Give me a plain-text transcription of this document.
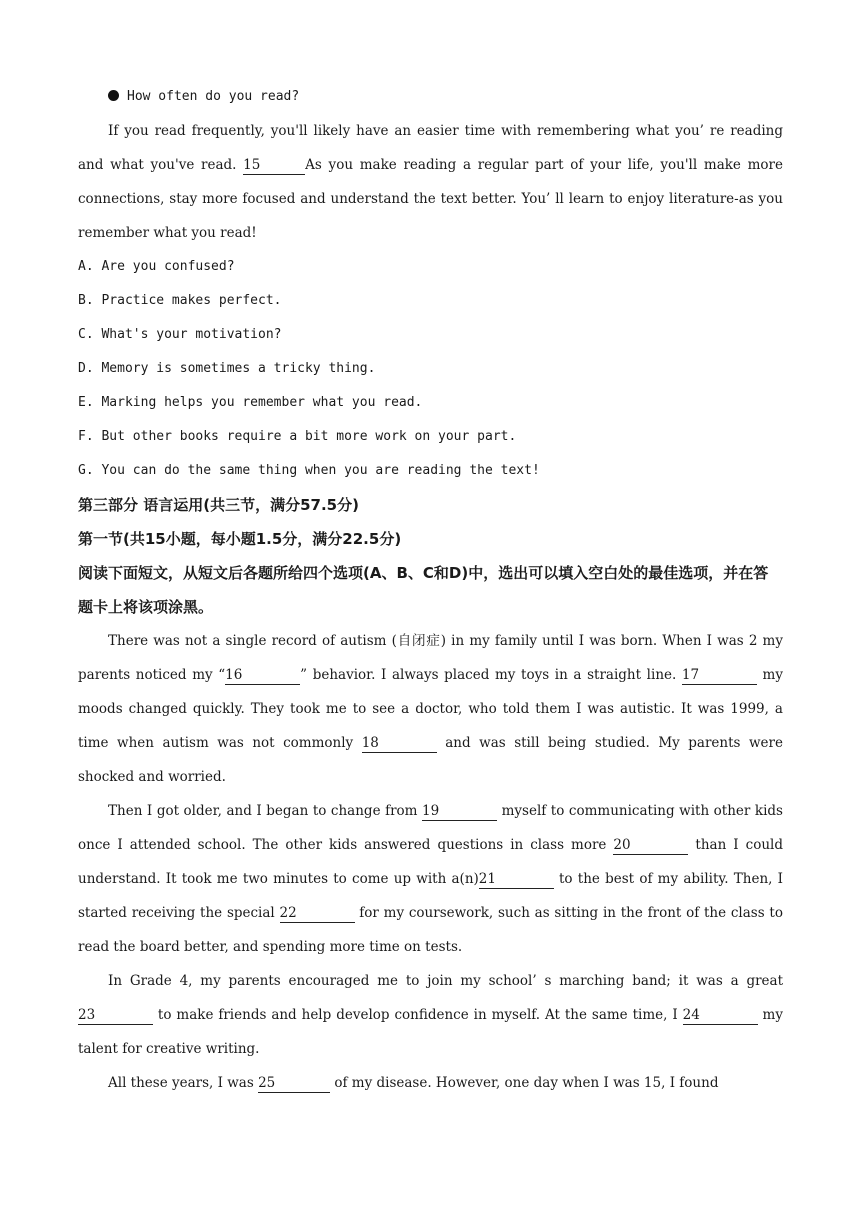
How often do you read?

If you read frequently, you'll likely have an easier time with remembering what you’ re reading and what you've read. 15	As you make reading a regular part of your life, you'll make more connections, stay more focused and understand the text better. You’ ll learn to enjoy literature-as you remember what you read!

A. Are you confused?

B. Practice makes perfect.

C. What's your motivation?

D. Memory is sometimes a tricky thing.

E. Marking helps you remember what you read.

F. But other books require a bit more work on your part.

G. You can do the same thing when you are reading the text!

第三部分 语言运用(共三节，满分57.5分)

第一节(共15小题，每小题1.5分，满分22.5分)

阅读下面短文，从短文后各题所给四个选项(A、B、C和D)中，选出可以填入空白处的最佳选项，并在答题卡上将该项涂黑。

There was not a single record of autism (自闭症) in my family until I was born. When I was 2 my parents noticed my “16	” behavior. I always placed my toys in a straight line. 17	my moods changed quickly. They took me to see a doctor, who told them I was autistic. It was 1999, a time when autism was not commonly 18	and was still being studied. My parents were shocked and worried.

Then I got older, and I began to change from 19	myself to communicating with other kids once I attended school. The other kids answered questions in class more 20	than I could understand. It took me two minutes to come up with a(n)21	to the best of my ability. Then, I started receiving the special 22	for my coursework, such as sitting in the front of the class to read the board better, and spending more time on tests.

In Grade 4, my parents encouraged me to join my school’ s marching band; it was a great 23	to make friends and help develop confidence in myself. At the same time, I 24	my talent for creative writing.

All these years, I was 25	of my disease. However, one day when I was 15, I found
